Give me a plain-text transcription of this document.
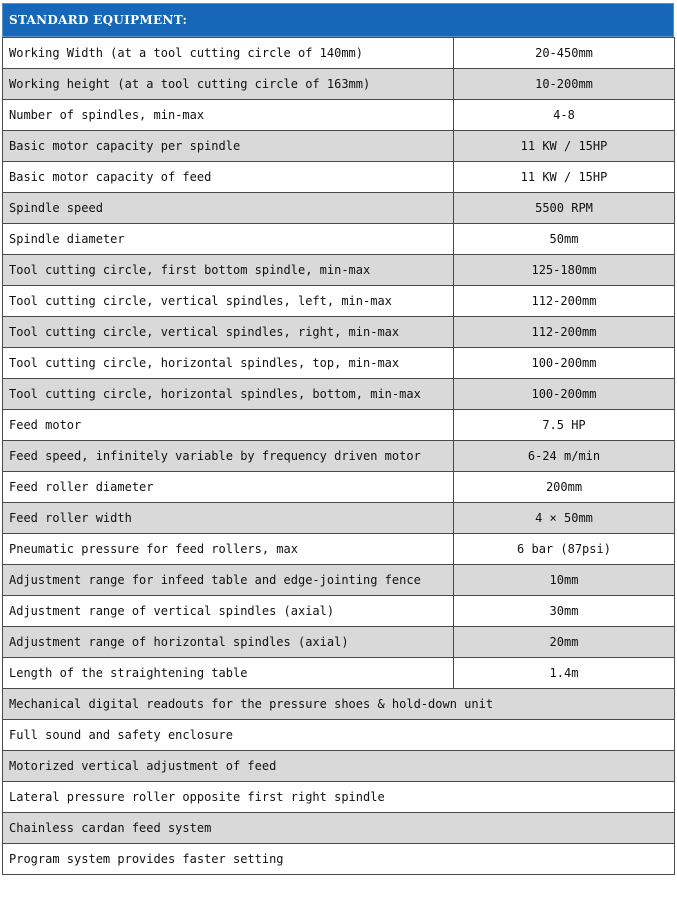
STANDARD EQUIPMENT:
Working Width (at a tool cutting circle of 140mm)	20-450mm
Working height (at a tool cutting circle of 163mm)	10-200mm
Number of spindles, min-max	4-8
Basic motor capacity per spindle	11 KW / 15HP
Basic motor capacity of feed	11 KW / 15HP
Spindle speed	5500 RPM
Spindle diameter	50mm
Tool cutting circle, first bottom spindle, min-max	125-180mm
Tool cutting circle, vertical spindles, left, min-max	112-200mm
Tool cutting circle, vertical spindles, right, min-max	112-200mm
Tool cutting circle, horizontal spindles, top, min-max	100-200mm
Tool cutting circle, horizontal spindles, bottom, min-max	100-200mm
Feed motor	7.5 HP
Feed speed, infinitely variable by frequency driven motor	6-24 m/min
Feed roller diameter	200mm
Feed roller width	4 × 50mm
Pneumatic pressure for feed rollers, max	6 bar (87psi)
Adjustment range for infeed table and edge-jointing fence	10mm
Adjustment range of vertical spindles (axial)	30mm
Adjustment range of horizontal spindles (axial)	20mm
Length of the straightening table	1.4m
Mechanical digital readouts for the pressure shoes & hold-down unit	
Full sound and safety enclosure	
Motorized vertical adjustment of feed	
Lateral pressure roller opposite first right spindle	
Chainless cardan feed system	
Program system provides faster setting	
